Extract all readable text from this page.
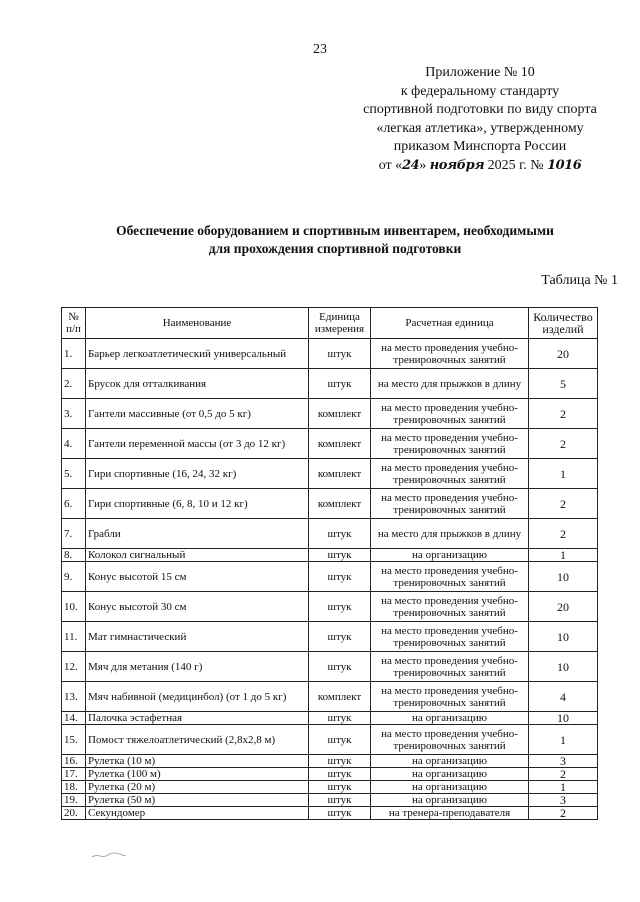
23
Приложение № 10
к федеральному стандарту
спортивной подготовки по виду спорта
«легкая атлетика», утвержденному
приказом Минспорта России
от «24» ноября 2025 г. № 1016
Обеспечение оборудованием и спортивным инвентарем, необходимыми
для прохождения спортивной подготовки
Таблица № 1
№ п/п	Наименование	Единица измерения	Расчетная единица	Количество изделий
1.	Барьер легкоатлетический универсальный	штук	на место проведения учебно-тренировочных занятий	20
2.	Брусок для отталкивания	штук	на место для прыжков в длину	5
3.	Гантели массивные (от 0,5 до 5 кг)	комплект	на место проведения учебно-тренировочных занятий	2
4.	Гантели переменной массы (от 3 до 12 кг)	комплект	на место проведения учебно-тренировочных занятий	2
5.	Гири спортивные (16, 24, 32 кг)	комплект	на место проведения учебно-тренировочных занятий	1
6.	Гири спортивные (6, 8, 10 и 12 кг)	комплект	на место проведения учебно-тренировочных занятий	2
7.	Грабли	штук	на место для прыжков в длину	2
8.	Колокол сигнальный	штук	на организацию	1
9.	Конус высотой 15 см	штук	на место проведения учебно-тренировочных занятий	10
10.	Конус высотой 30 см	штук	на место проведения учебно-тренировочных занятий	20
11.	Мат гимнастический	штук	на место проведения учебно-тренировочных занятий	10
12.	Мяч для метания (140 г)	штук	на место проведения учебно-тренировочных занятий	10
13.	Мяч набивной (медицинбол) (от 1 до 5 кг)	комплект	на место проведения учебно-тренировочных занятий	4
14.	Палочка эстафетная	штук	на организацию	10
15.	Помост тяжелоатлетический (2,8х2,8 м)	штук	на место проведения учебно-тренировочных занятий	1
16.	Рулетка (10 м)	штук	на организацию	3
17.	Рулетка (100 м)	штук	на организацию	2
18.	Рулетка (20 м)	штук	на организацию	1
19.	Рулетка (50 м)	штук	на организацию	3
20.	Секундомер	штук	на тренера-преподавателя	2
